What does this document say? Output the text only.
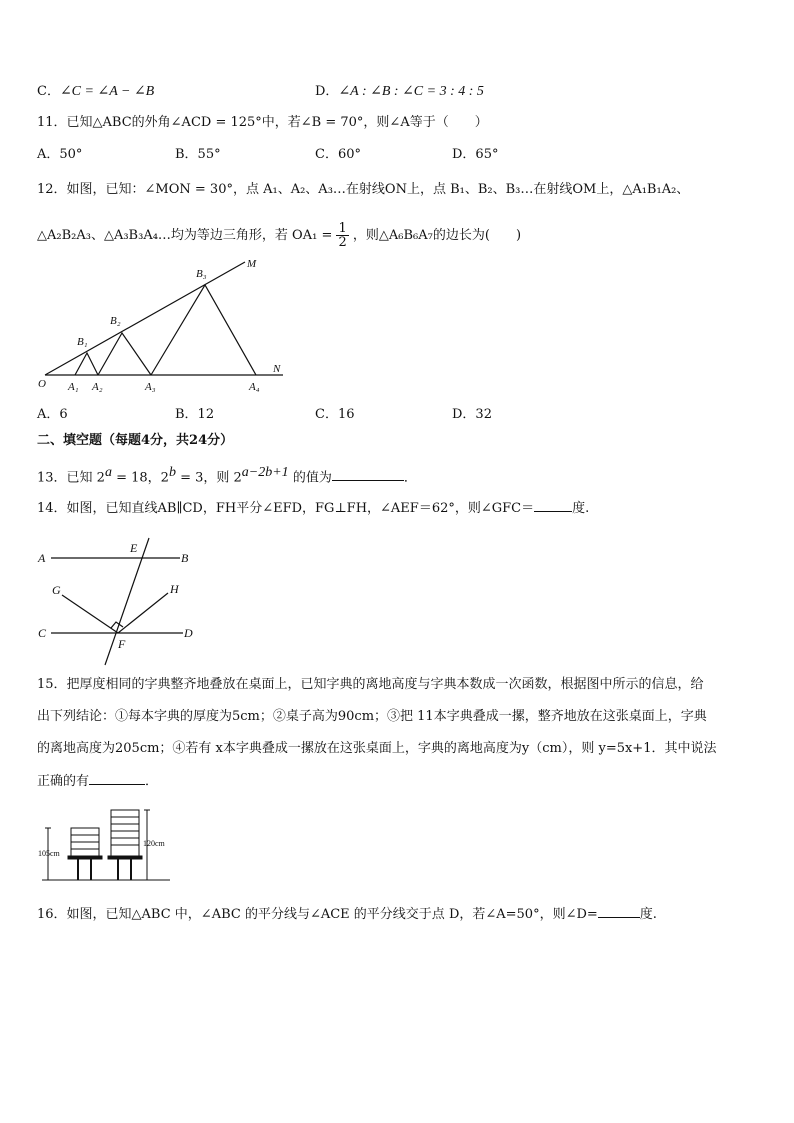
C．∠C = ∠A − ∠B	D．∠A : ∠B : ∠C = 3 : 4 : 5
11．已知△ABC的外角∠ACD = 125°中，若∠B = 70°，则∠A等于（　　）
A．50°	B．55°	C．60°	D．65°
12．如图，已知：∠MON = 30°，点 A₁、A₂、A₃…在射线ON上，点 B₁、B₂、B₃…在射线OM上，△A₁B₁A₂、
△A₂B₂A₃、△A₃B₃A₄…均为等边三角形，若 $OA_1 = \frac{1}{2}$ ，则△A₆B₆A₇的边长为(　　)
M
N
O A₁ A₂	A₃	A₄
B₁
B₂
B₃
A．6	B．12	C．16	D．32
二、填空题（每题4分，共24分）
13．已知 $2^a = 18$，$2^b = 3$，则 $2^{a-2b+1}$ 的值为	．
14．如图，已知直线AB∥CD，FH平分∠EFD，FG⊥FH，∠AEF＝62°，则∠GFC＝	度.
A	B
E
G	H
C	D
F
15．把厚度相同的字典整齐地叠放在桌面上，已知字典的离地高度与字典本数成一次函数，根据图中所示的信息，给
出下列结论：①每本字典的厚度为5cm；②桌子高为90cm；③把 11本字典叠成一摞，整齐地放在这张桌面上，字典
的离地高度为205cm；④若有 x本字典叠成一摞放在这张桌面上，字典的离地高度为y（cm），则 y=5x+1．其中说法
正确的有	．
105cm
120cm
16．如图，已知△ABC 中，∠ABC 的平分线与∠ACE 的平分线交于点 D，若∠A=50°，则∠D=	度.
